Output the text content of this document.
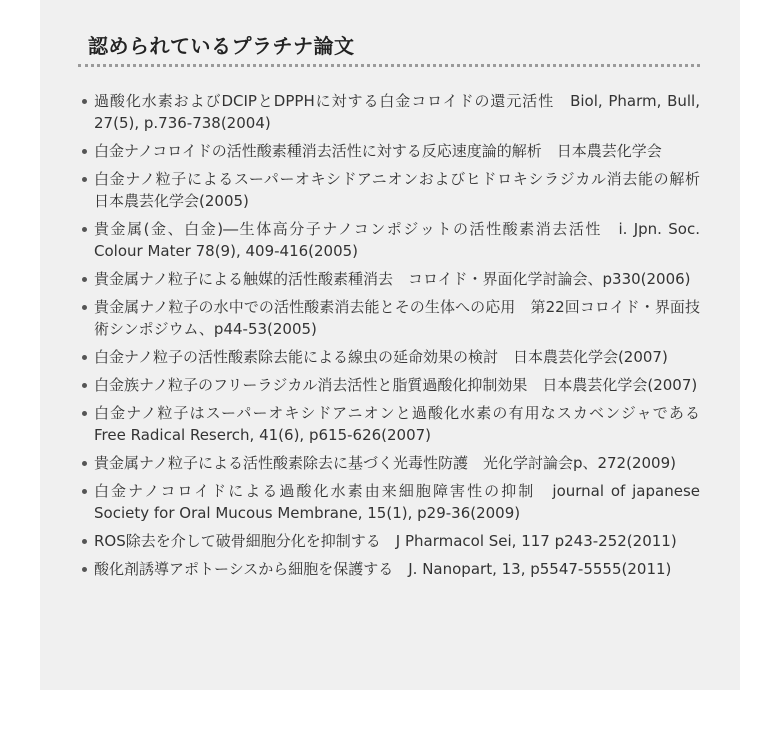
認められているプラチナ論文
過酸化水素およびDCIPとDPPHに対する白金コロイドの還元活性　Biol, Pharm, Bull, 27(5), p.736-738(2004)
白金ナノコロイドの活性酸素種消去活性に対する反応速度論的解析　日本農芸化学会
白金ナノ粒子によるスーパーオキシドアニオンおよびヒドロキシラジカル消去能の解析　日本農芸化学会(2005)
貴金属(金、白金)―生体高分子ナノコンポジットの活性酸素消去活性　i. Jpn. Soc. Colour Mater 78(9), 409-416(2005)
貴金属ナノ粒子による触媒的活性酸素種消去　コロイド・界面化学討論会、p330(2006)
貴金属ナノ粒子の水中での活性酸素消去能とその生体への応用　第22回コロイド・界面技術シンポジウム、p44-53(2005)
白金ナノ粒子の活性酸素除去能による線虫の延命効果の検討　日本農芸化学会(2007)
白金族ナノ粒子のフリーラジカル消去活性と脂質過酸化抑制効果　日本農芸化学会(2007)
白金ナノ粒子はスーパーオキシドアニオンと過酸化水素の有用なスカベンジャである　Free Radical Reserch, 41(6), p615-626(2007)
貴金属ナノ粒子による活性酸素除去に基づく光毒性防護　光化学討論会p、272(2009)
白金ナノコロイドによる過酸化水素由来細胞障害性の抑制　journal of japanese Society for Oral Mucous Membrane, 15(1), p29-36(2009)
ROS除去を介して破骨細胞分化を抑制する　J Pharmacol Sei, 117 p243-252(2011)
酸化剤誘導アポトーシスから細胞を保護する　J. Nanopart, 13, p5547-5555(2011)
